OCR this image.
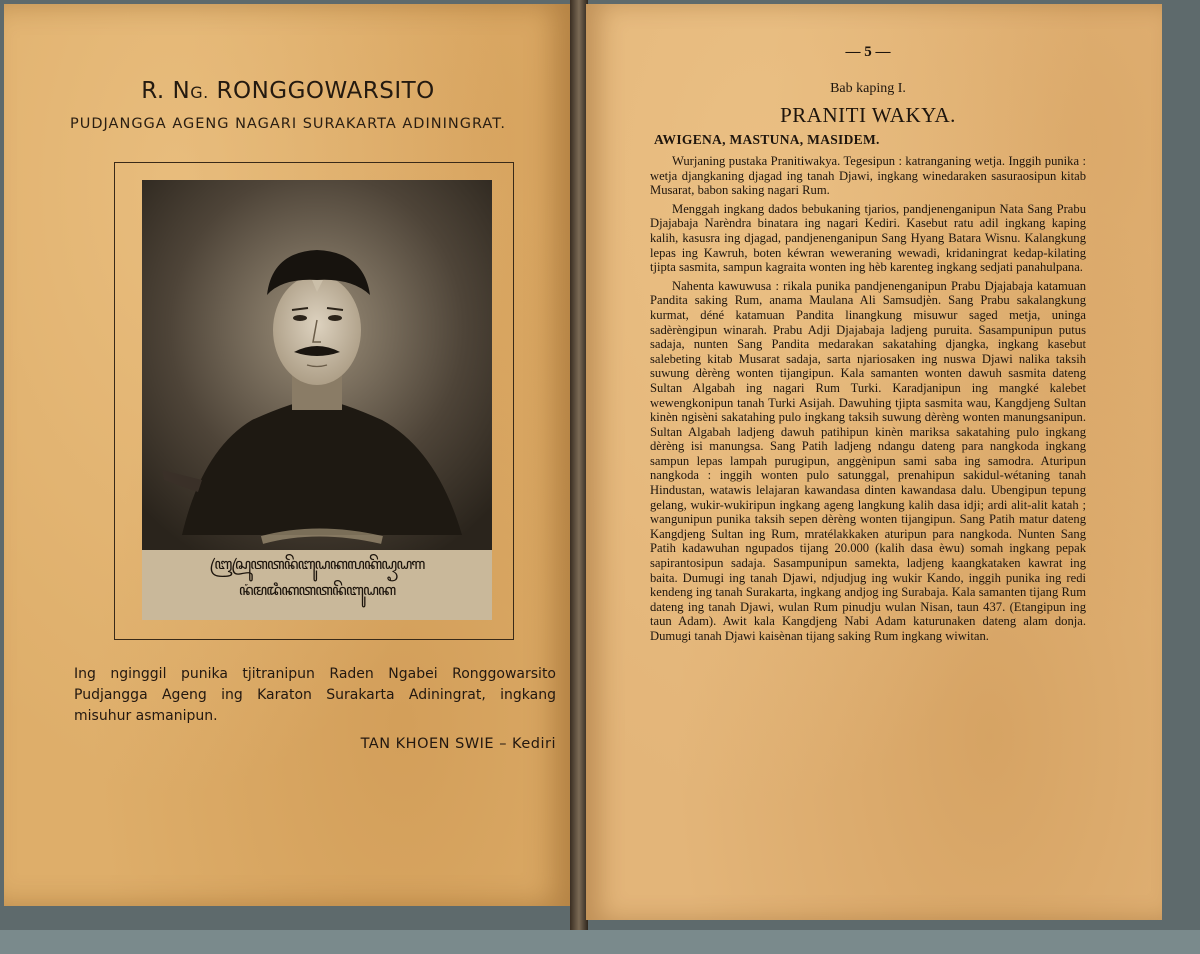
R. NG. RONGGOWARSITO
PUDJANGGA AGENG NAGARI SURAKARTA ADININGRAT.
ꦧꦿꦱꦿꦸꦠꦠꦤꦼꦧꦸꦝꦏꦭꦏꦼꦝꦽꦝꦒ
ꦤꦁꦩꦢꦶꦏꦠꦠꦤꦼꦧꦸꦝꦏ

Ing nginggil punika tjitranipun Raden Ngabei Ronggowarsito Pudjangga Ageng ing Karaton Surakarta Adiningrat, ingkang misuhur asmanipun.

TAN KHOEN SWIE – Kediri
— 5 —
Bab kaping I.
PRANITI WAKYA.
AWIGENA, MASTUNA, MASIDEM.

Wurjaning pustaka Pranitiwakya. Tegesipun : katranganing wetja. Inggih punika : wetja djangkaning djagad ing tanah Djawi, ingkang winedaraken sasuraosipun kitab Musarat, babon saking nagari Rum.

Menggah ingkang dados bebukaning tjarios, pandjenenganipun Nata Sang Prabu Djajabaja Narèndra binatara ing nagari Kediri. Kasebut ratu adil ingkang kaping kalih, kasusra ing djagad, pandjenenganipun Sang Hyang Batara Wisnu. Kalangkung lepas ing Kawruh, boten kéwran weweraning wewadi, kridaningrat kedap-kilating tjipta sasmita, sampun kagraita wonten ing hèb karenteg ingkang sedjati panahulpana.

Nahenta kawuwusa : rikala punika pandjenenganipun Prabu Djajabaja katamuan Pandita saking Rum, anama Maulana Ali Samsudjèn. Sang Prabu sakalangkung kurmat, déné katamuan Pandita linangkung misuwur saged metja, uninga sadèrèngipun winarah. Prabu Adji Djajabaja ladjeng puruita. Sasampunipun putus sadaja, nunten Sang Pandita medarakan sakatahing djangka, ingkang kasebut salebeting kitab Musarat sadaja, sarta njariosaken ing nuswa Djawi nalika taksih suwung dèrèng wonten tijangipun. Kala samanten wonten dawuh sasmita dateng Sultan Algabah ing nagari Rum Turki. Karadjanipun ing mangké kalebet wewengkonipun tanah Turki Asijah. Dawuhing tjipta sasmita wau, Kangdjeng Sultan kinèn ngisèni sakatahing pulo ingkang taksih suwung dèrèng wonten manungsanipun. Sultan Algabah ladjeng dawuh patihipun kinèn mariksa sakatahing pulo ingkang dèrèng isi manungsa. Sang Patih ladjeng ndangu dateng para nangkoda ingkang sampun lepas lampah purugipun, anggènipun sami saba ing samodra. Aturipun nangkoda : inggih wonten pulo satunggal, prenahipun sakidul-wétaning tanah Hindustan, watawis lelajaran kawandasa dinten kawandasa dalu. Ubengipun tepung gelang, wukir-wukiripun ingkang ageng langkung kalih dasa idji; ardi alit-alit katah ; wangunipun punika taksih sepen dèrèng wonten tijangipun. Sang Patih matur dateng Kangdjeng Sultan ing Rum, mratélakkaken aturipun para nangkoda. Nunten Sang Patih kadawuhan ngupados tijang 20.000 (kalih dasa èwu) somah ingkang pepak sapirantosipun sadaja. Sasampunipun samekta, ladjeng kaangkataken kawrat ing baita. Dumugi ing tanah Djawi, ndjudjug ing wukir Kando, inggih punika ing redi kendeng ing tanah Surakarta, ingkang andjog ing Surabaja. Kala samanten tijang Rum dateng ing tanah Djawi, wulan Rum pinudju wulan Nisan, taun 437. (Etangipun ing taun Adam). Awit kala Kangdjeng Nabi Adam katurunaken dateng alam donja. Dumugi tanah Djawi kaisènan tijang saking Rum ingkang wiwitan.
